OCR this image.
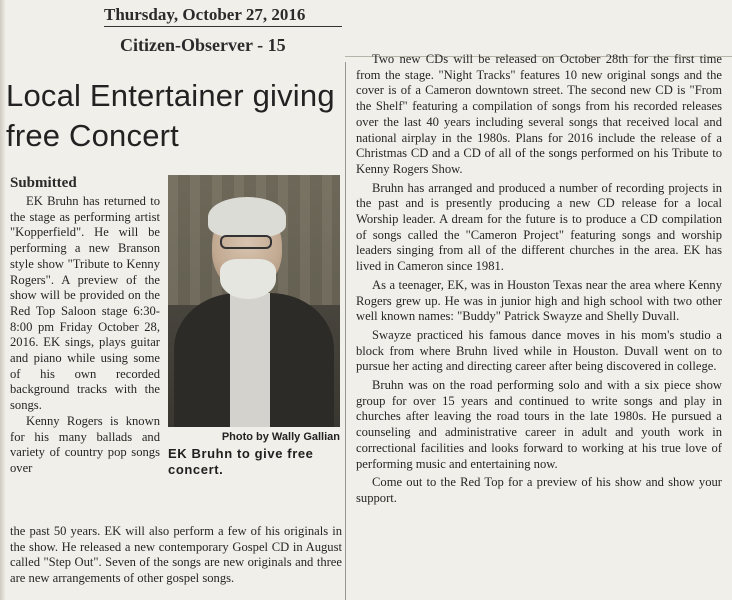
Thursday, October 27, 2016
Citizen-Observer - 15
Local Entertainer giving free Concert
Submitted
Photo by Wally Gallian
EK Bruhn to give free concert.

EK Bruhn has returned to the stage as performing artist "Kopperfield". He will be performing a new Branson style show "Tribute to Kenny Rogers". A preview of the show will be provided on the Red Top Saloon stage 6:30-8:00 pm Friday October 28, 2016. EK sings, plays guitar and piano while using some of his own recorded background tracks with the songs.

Kenny Rogers is known for his many ballads and variety of country pop songs over

the past 50 years. EK will also perform a few of his originals in the show. He released a new contemporary Gospel CD in August called "Step Out". Seven of the songs are new originals and three are new arrangements of other gospel songs.

Two new CDs will be released on October 28th for the first time from the stage. "Night Tracks" features 10 new original songs and the cover is of a Cameron downtown street. The second new CD is "From the Shelf" featuring a compilation of songs from his recorded releases over the last 40 years including several songs that received local and national airplay in the 1980s. Plans for 2016 include the release of a Christmas CD and a CD of all of the songs performed on his Tribute to Kenny Rogers Show.

Bruhn has arranged and produced a number of recording projects in the past and is presently producing a new CD release for a local Worship leader. A dream for the future is to produce a CD compilation of songs called the "Cameron Project" featuring songs and worship leaders singing from all of the different churches in the area. EK has lived in Cameron since 1981.

As a teenager, EK, was in Houston Texas near the area where Kenny Rogers grew up. He was in junior high and high school with two other well known names: "Buddy" Patrick Swayze and Shelly Duvall.

Swayze practiced his famous dance moves in his mom's studio a block from where Bruhn lived while in Houston. Duvall went on to pursue her acting and directing career after being discovered in college.

Bruhn was on the road performing solo and with a six piece show group for over 15 years and continued to write songs and play in churches after leaving the road tours in the late 1980s. He pursued a counseling and administrative career in adult and youth work in correctional facilities and looks forward to working at his true love of performing music and entertaining now.

Come out to the Red Top for a preview of his show and show your support.
